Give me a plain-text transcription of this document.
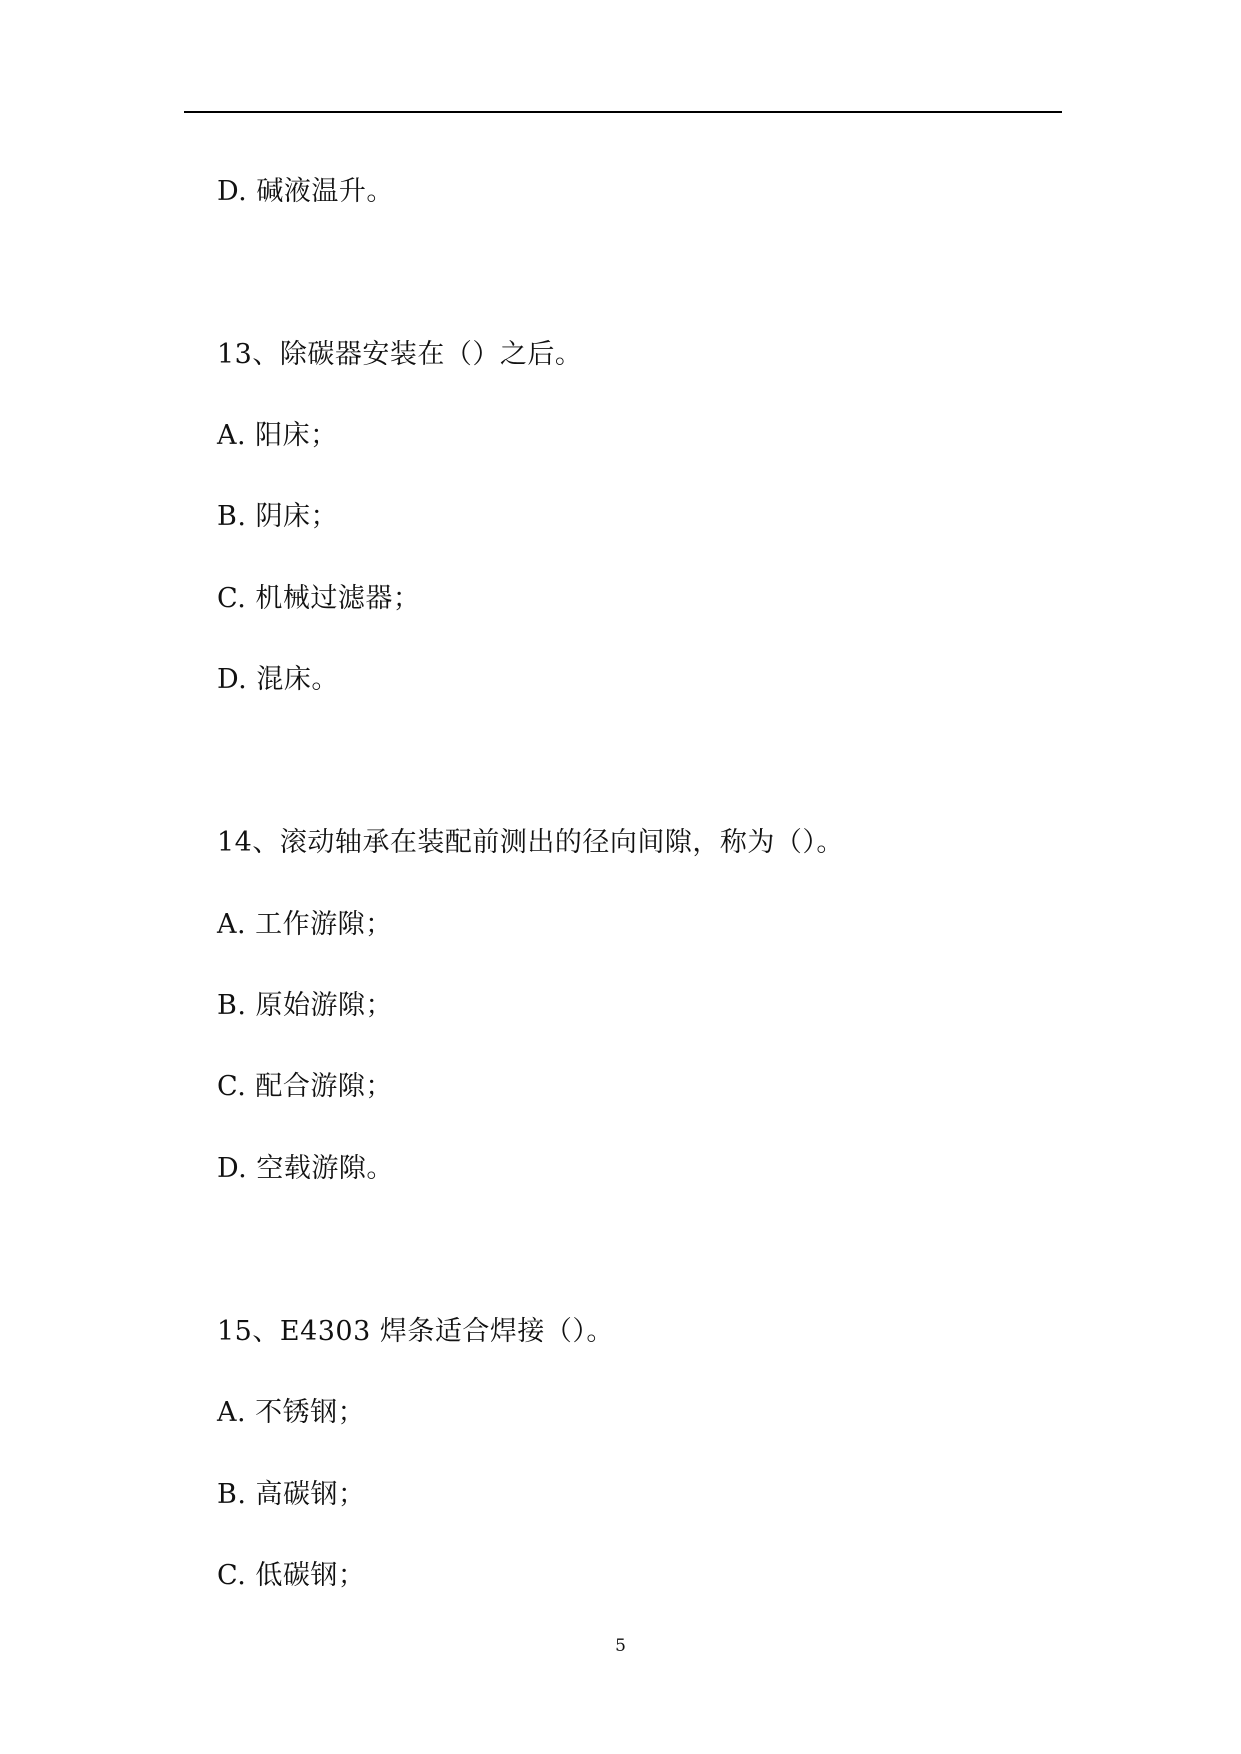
D. 碱液温升。
13、除碳器安装在（）之后。
A. 阳床；
B. 阴床；
C. 机械过滤器；
D. 混床。
14、滚动轴承在装配前测出的径向间隙，称为（）。
A. 工作游隙；
B. 原始游隙；
C. 配合游隙；
D. 空载游隙。
15、E4303 焊条适合焊接（）。
A. 不锈钢；
B. 高碳钢；
C. 低碳钢；
5
